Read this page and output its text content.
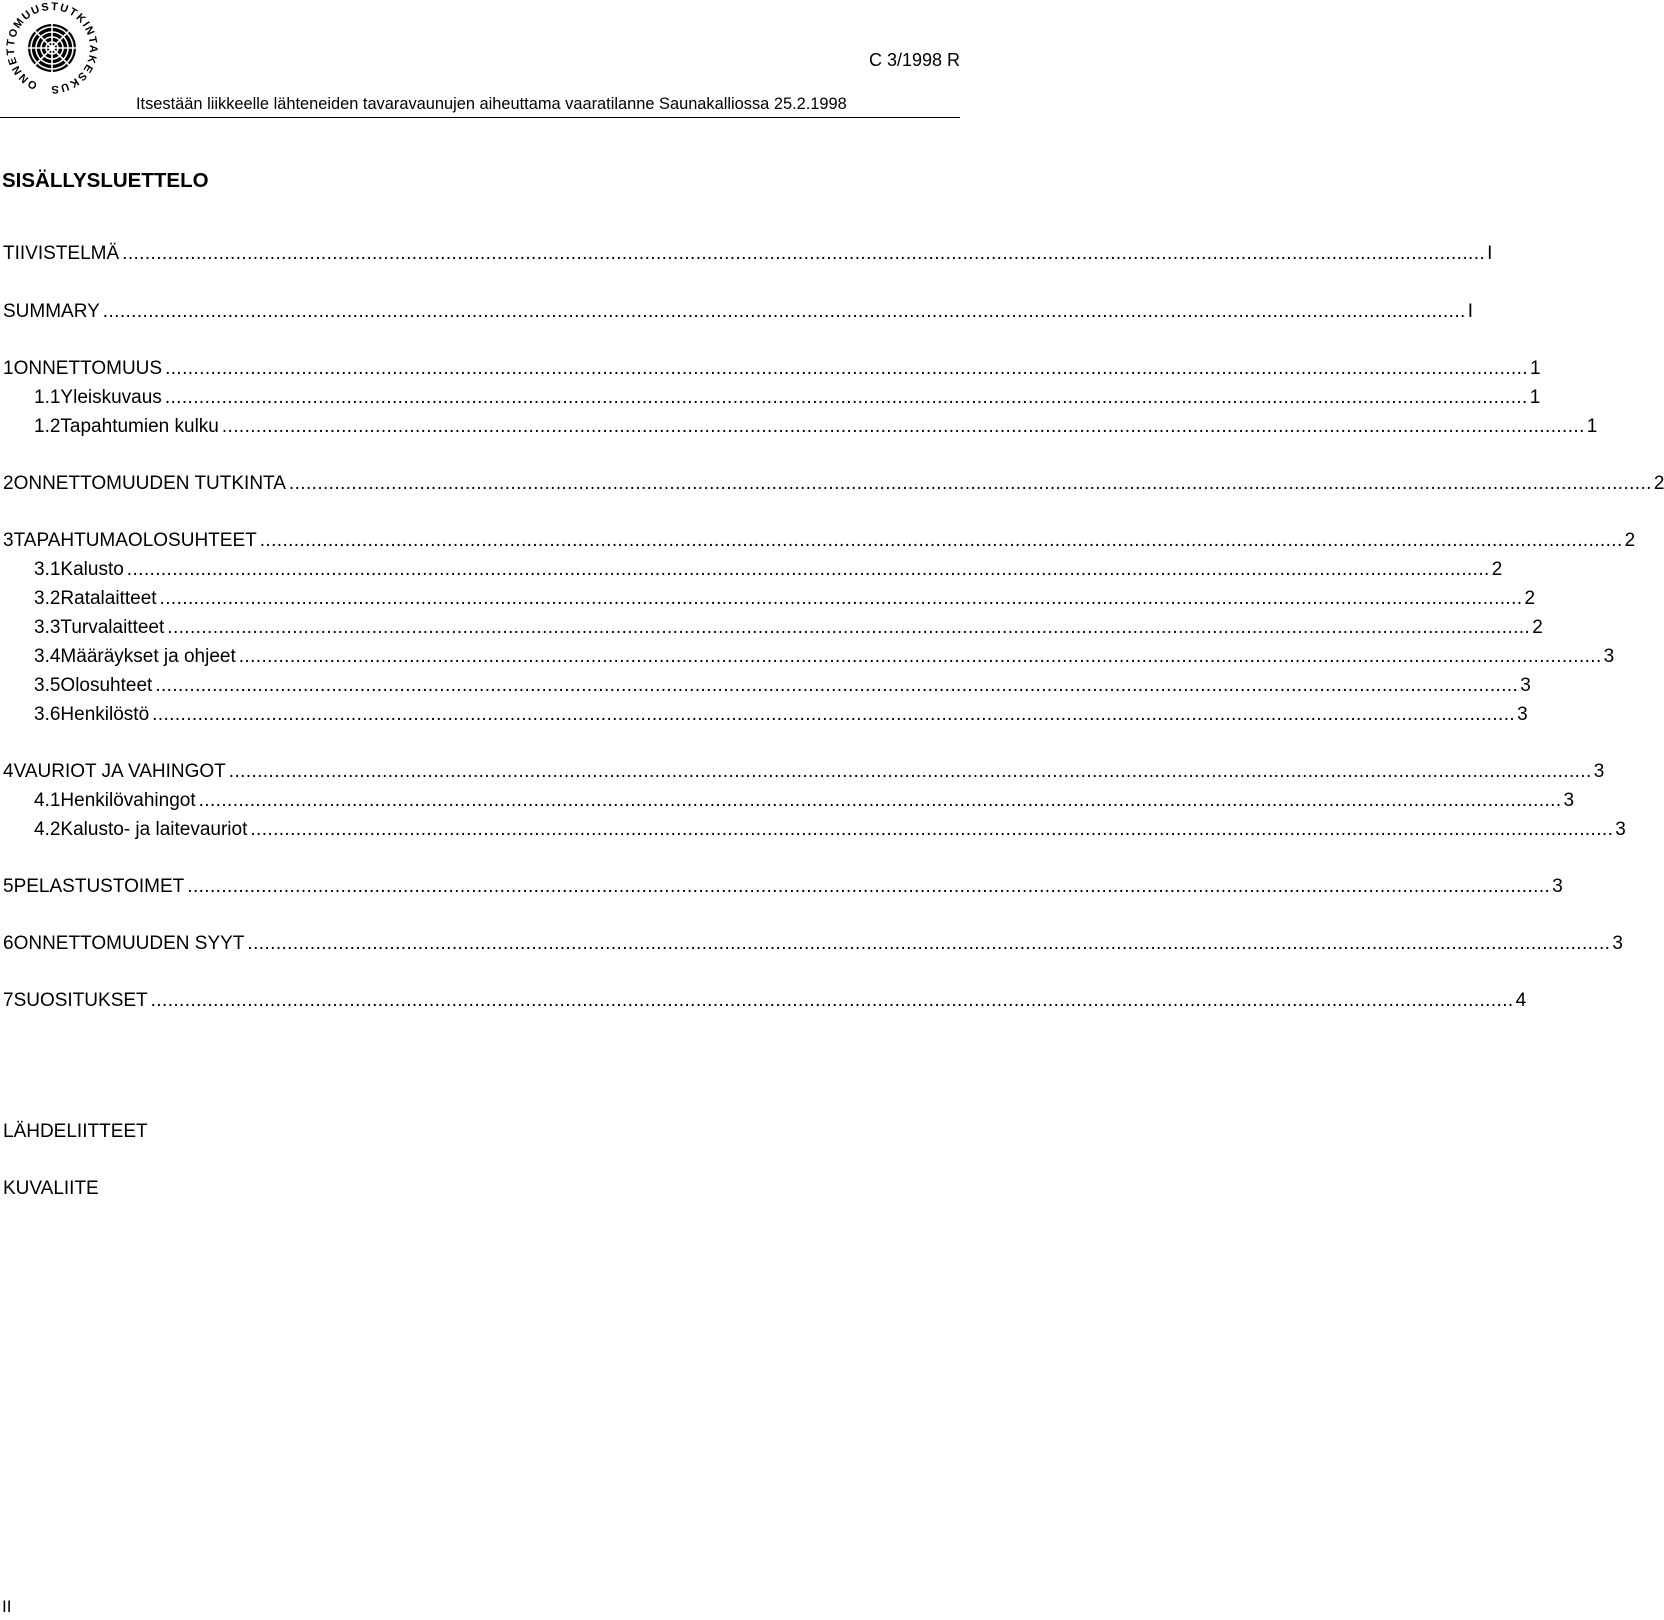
ONNETTOMUUSTUTKINTAKESKUS
C 3/1998 R
Itsestään liikkeelle lähteneiden tavaravaunujen aiheuttama vaaratilanne Saunakalliossa 25.2.1998
SISÄLLYSLUETTELO
TIIVISTELMÄ ................................................................................................................................................................................................................................................ I
SUMMARY ................................................................................................................................................................................................................................................ I
1 ONNETTOMUUS ................................................................................................................................................................................................................................................ 1
1.1 Yleiskuvaus ................................................................................................................................................................................................................................................ 1
1.2 Tapahtumien kulku ................................................................................................................................................................................................................................................ 1
2 ONNETTOMUUDEN TUTKINTA ................................................................................................................................................................................................................................................ 2
3 TAPAHTUMAOLOSUHTEET ................................................................................................................................................................................................................................................ 2
3.1 Kalusto ................................................................................................................................................................................................................................................ 2
3.2 Ratalaitteet ................................................................................................................................................................................................................................................ 2
3.3 Turvalaitteet ................................................................................................................................................................................................................................................ 2
3.4 Määräykset ja ohjeet ................................................................................................................................................................................................................................................ 3
3.5 Olosuhteet ................................................................................................................................................................................................................................................ 3
3.6 Henkilöstö ................................................................................................................................................................................................................................................ 3
4 VAURIOT JA VAHINGOT ................................................................................................................................................................................................................................................ 3
4.1 Henkilövahingot ................................................................................................................................................................................................................................................ 3
4.2 Kalusto- ja laitevauriot ................................................................................................................................................................................................................................................ 3
5 PELASTUSTOIMET ................................................................................................................................................................................................................................................ 3
6 ONNETTOMUUDEN SYYT ................................................................................................................................................................................................................................................ 3
7 SUOSITUKSET ................................................................................................................................................................................................................................................ 4
LÄHDELIITTEET
KUVALIITE
II
